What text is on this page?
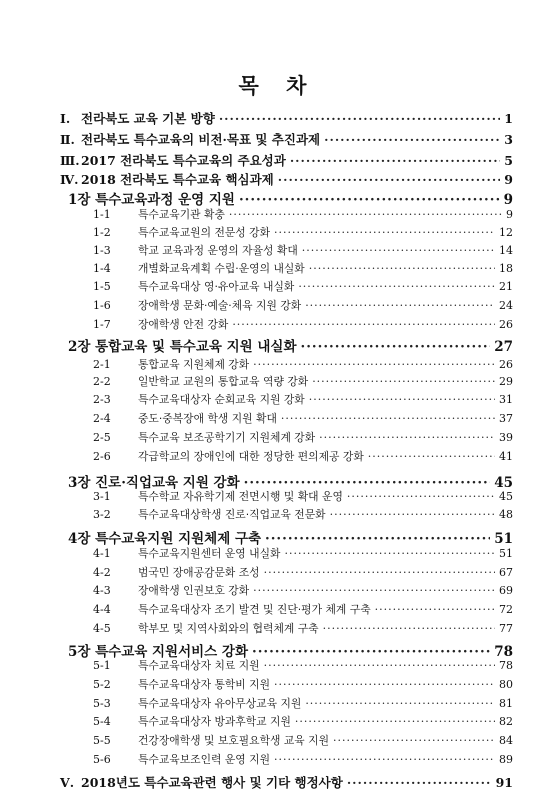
목 차
Ⅰ. 전라북도 교육 기본 방향 ·····	1
Ⅱ. 전라북도 특수교육의 비전·목표 및 추진과제 ·····	3
Ⅲ. 2017 전라북도 특수교육의 주요성과 ·····	5
Ⅳ. 2018 전라북도 특수교육 핵심과제 ·····	9
1장 특수교육과정 운영 지원 ·····	9
1-1	특수교육기관 확충 ·····	9
1-2	특수교육교원의 전문성 강화 ·····	12
1-3	학교 교육과정 운영의 자율성 확대 ·····	14
1-4	개별화교육계획 수립·운영의 내실화 ·····	18
1-5	특수교육대상 영·유아교육 내실화 ·····	21
1-6	장애학생 문화·예술·체육 지원 강화 ·····	24
1-7	장애학생 안전 강화 ·····	26
2장 통합교육 및 특수교육 지원 내실화 ·····	27
2-1	통합교육 지원체제 강화 ·····	26
2-2	일반학교 교원의 통합교육 역량 강화 ·····	29
2-3	특수교육대상자 순회교육 지원 강화 ·····	31
2-4	중도·중복장애 학생 지원 확대 ·····	37
2-5	특수교육 보조공학기기 지원체계 강화 ·····	39
2-6	각급학교의 장애인에 대한 정당한 편의제공 강화 ·····	41
3장 진로·직업교육 지원 강화 ·····	45
3-1	특수학교 자유학기제 전면시행 및 확대 운영 ·····	45
3-2	특수교육대상학생 진로·직업교육 전문화 ·····	48
4장 특수교육지원 지원체제 구축 ·····	51
4-1	특수교육지원센터 운영 내실화 ·····	51
4-2	범국민 장애공감문화 조성 ·····	67
4-3	장애학생 인권보호 강화 ·····	69
4-4	특수교육대상자 조기 발견 및 진단·평가 체계 구축 ·····	72
4-5	학부모 및 지역사회와의 협력체계 구축 ·····	77
5장 특수교육 지원서비스 강화 ·····	78
5-1	특수교육대상자 치료 지원 ·····	78
5-2	특수교육대상자 통학비 지원 ·····	80
5-3	특수교육대상자 유아무상교육 지원 ·····	81
5-4	특수교육대상자 방과후학교 지원 ·····	82
5-5	건강장애학생 및 보호필요학생 교육 지원 ·····	84
5-6	특수교육보조인력 운영 지원 ·····	89
Ⅴ. 2018년도 특수교육관련 행사 및 기타 행정사항 ·····	91
